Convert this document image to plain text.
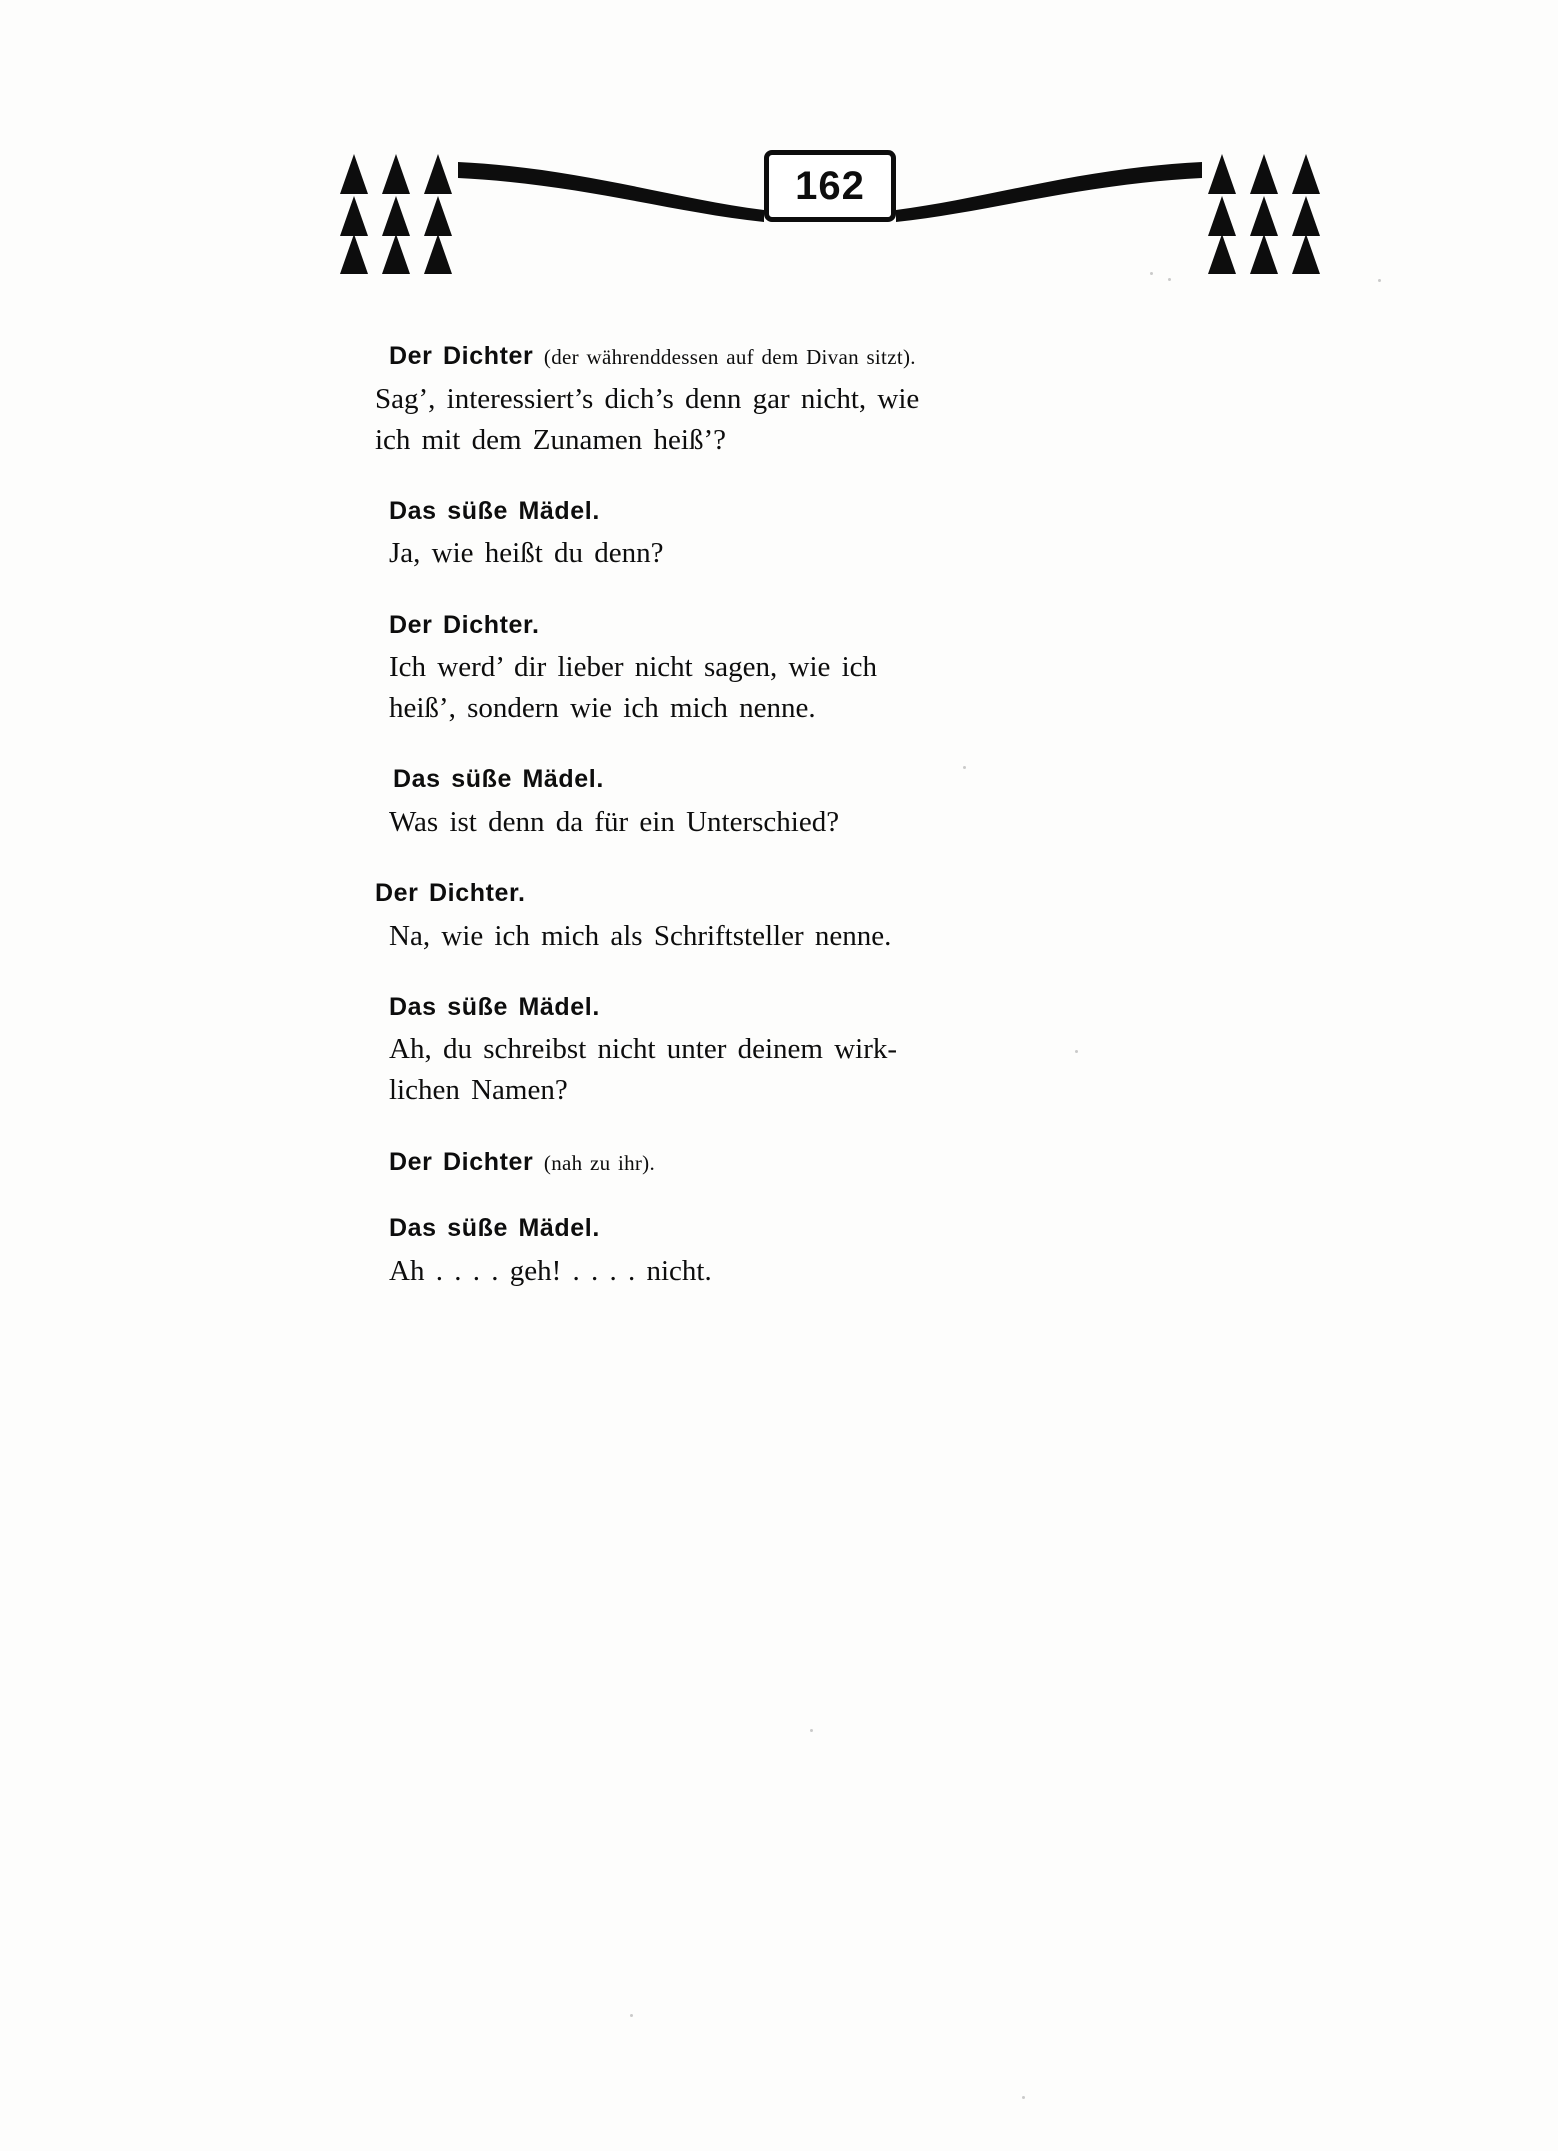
162
Der Dichter (der währenddessen auf dem Divan sitzt).
Sag’, interessiert’s dich’s denn gar nicht, wie
ich mit dem Zunamen heiß’?
Das süße Mädel.
Ja, wie heißt du denn?
Der Dichter.
Ich werd’ dir lieber nicht sagen, wie ich
heiß’, sondern wie ich mich nenne.
Das süße Mädel.
Was ist denn da für ein Unterschied?
Der Dichter.
Na, wie ich mich als Schriftsteller nenne.
Das süße Mädel.
Ah, du schreibst nicht unter deinem wirk-
lichen Namen?
Der Dichter (nah zu ihr).
Das süße Mädel.
Ah . . . . geh! . . . . nicht.
